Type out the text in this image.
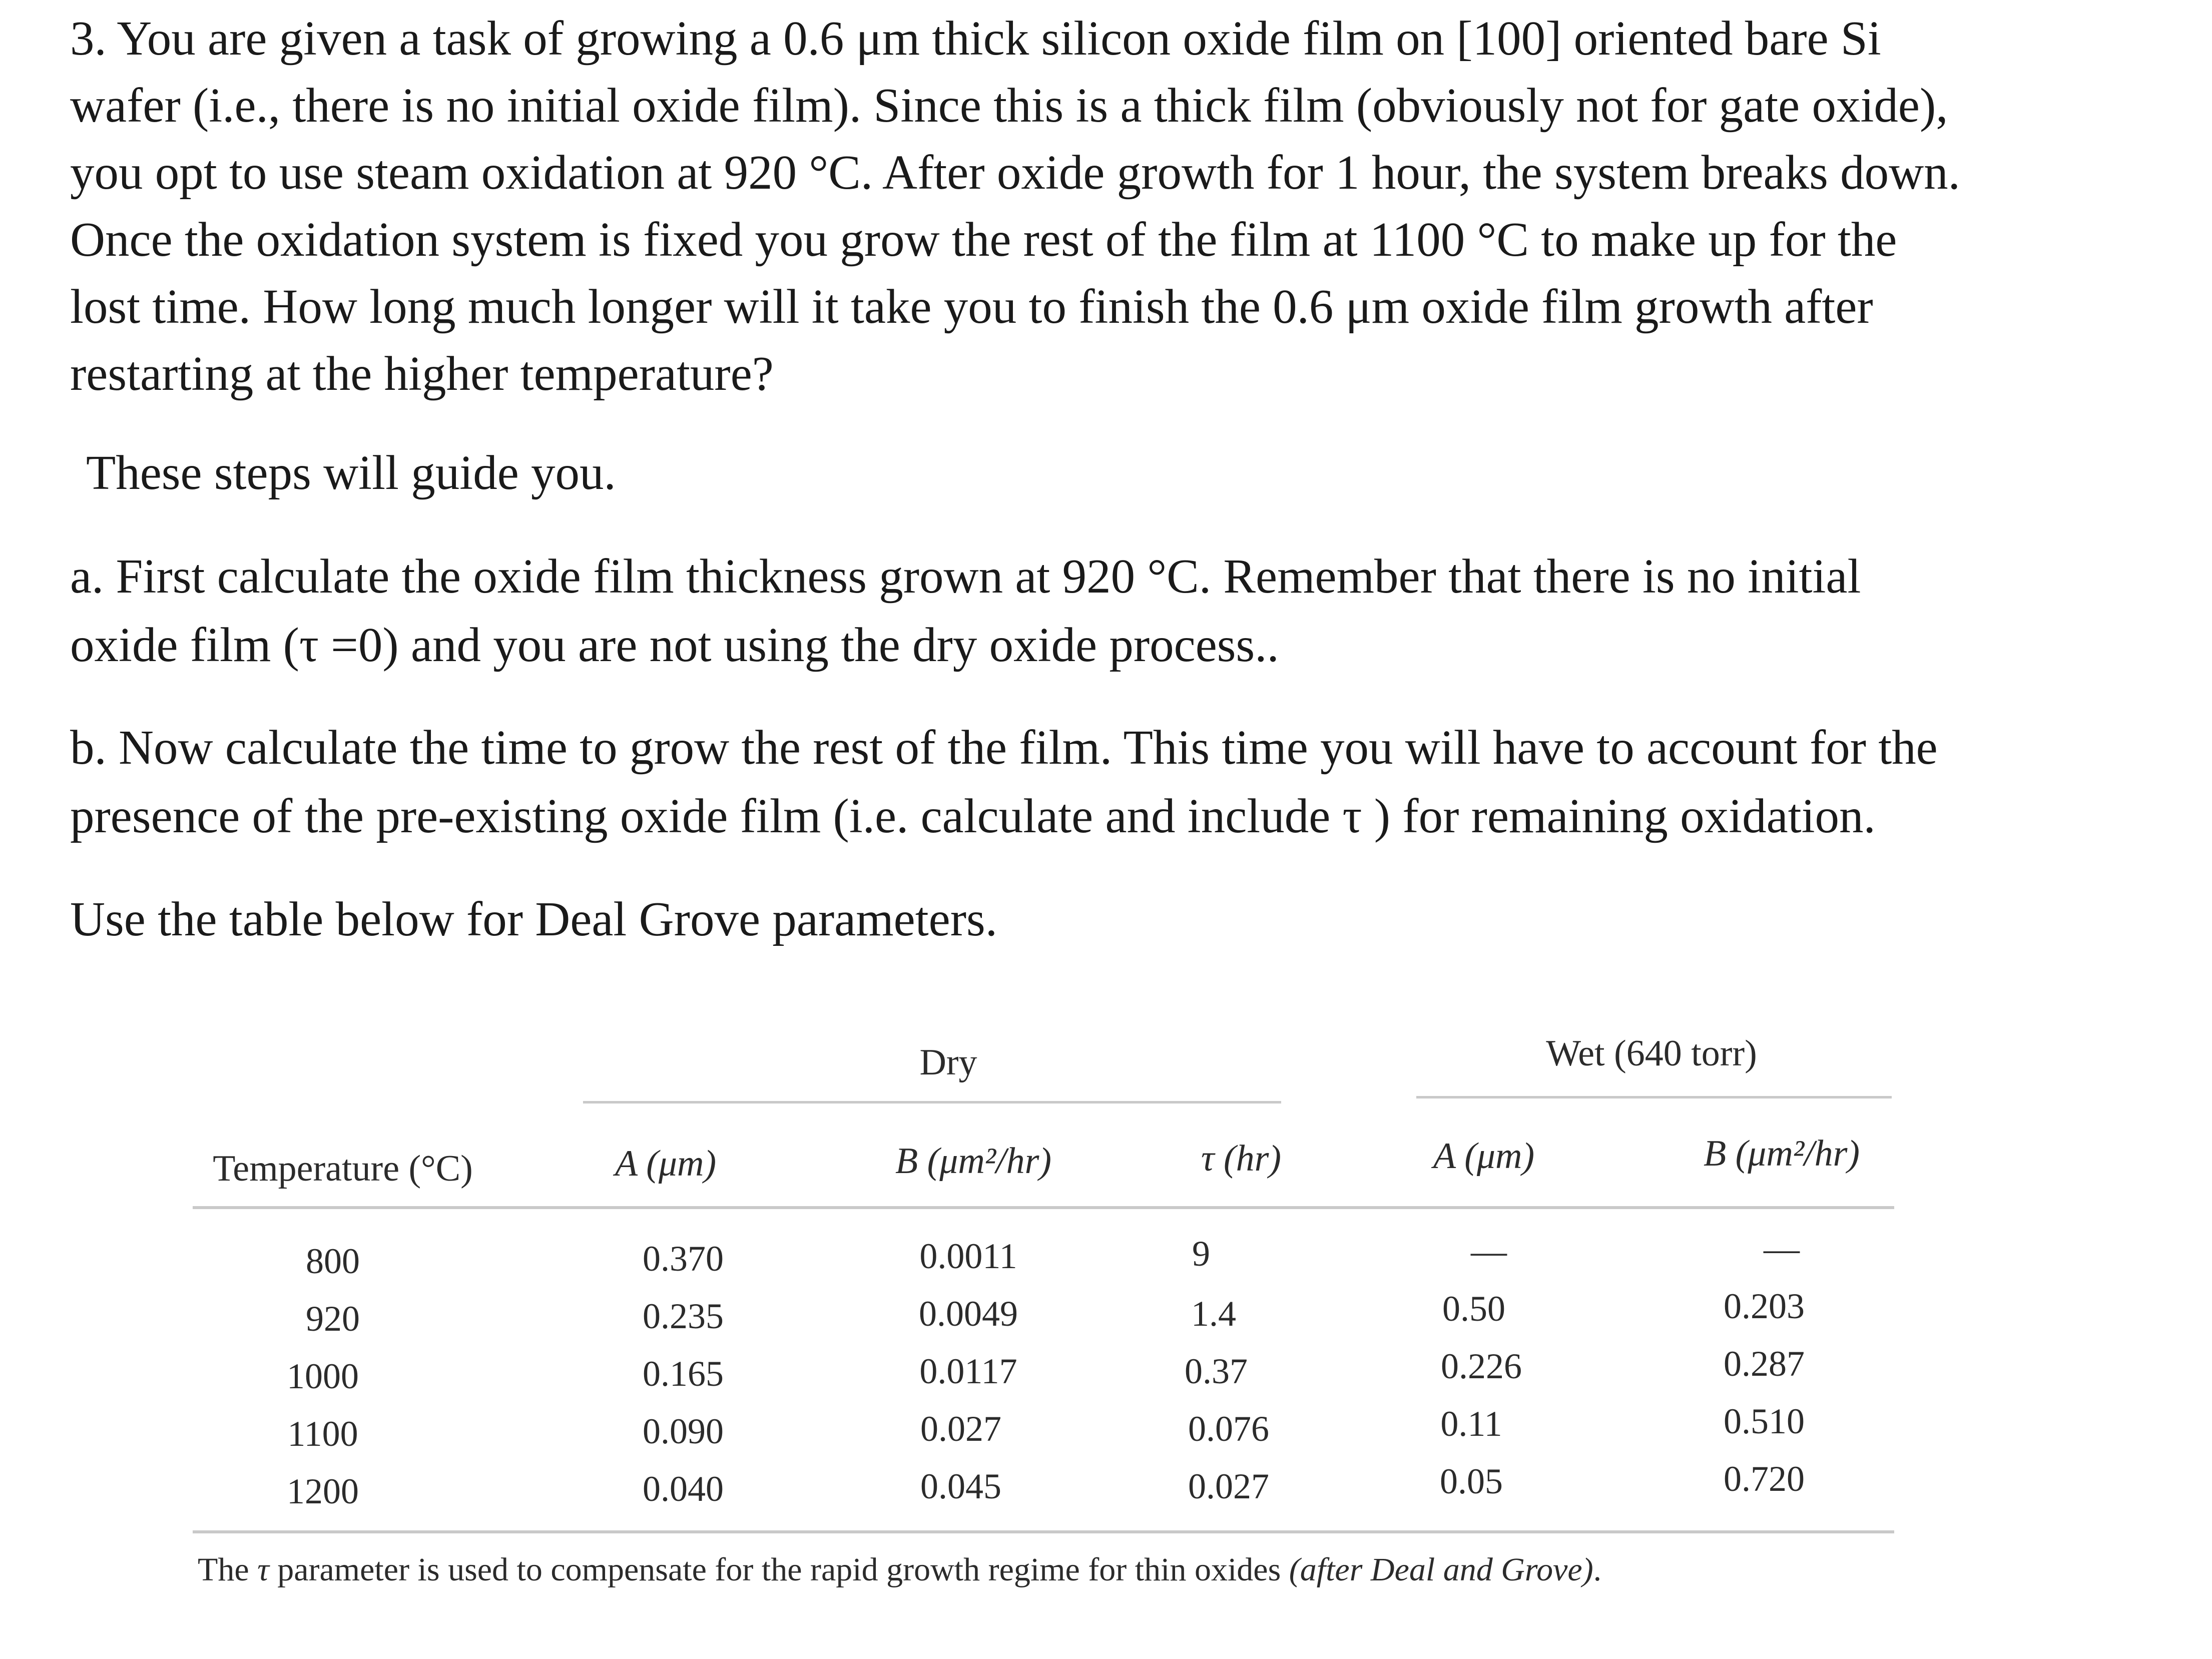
3. You are given a task of growing a 0.6 μm thick silicon oxide film on [100] oriented bare Si

wafer (i.e., there is no initial oxide film). Since this is a thick film (obviously not for gate oxide),

you opt to use steam oxidation at 920 °C. After oxide growth for 1 hour, the system breaks down.

Once the oxidation system is fixed you grow the rest of the film at 1100 °C to make up for the

lost time. How long much longer will it take you to finish the 0.6 μm oxide film growth after

restarting at the higher temperature?

These steps will guide you.

a. First calculate the oxide film thickness grown at 920 °C. Remember that there is no initial

oxide film (τ =0) and you are not using the dry oxide process..

b. Now calculate the time to grow the rest of the film. This time you will have to account for the

presence of the pre-existing oxide film (i.e. calculate and include τ ) for remaining oxidation.

Use the table below for Deal Grove parameters.

Dry	Wet (640 torr)
Temperature (°C)	A (μm)	B (μm²/hr)	τ (hr)	A (μm)	B (μm²/hr)
800	0.370	0.0011	9	—	—
920	0.235	0.0049	1.4	0.50	0.203
1000	0.165	0.0117	0.37	0.226	0.287
1100	0.090	0.027	0.076	0.11	0.510
1200	0.040	0.045	0.027	0.05	0.720
The τ parameter is used to compensate for the rapid growth regime for thin oxides (after Deal and Grove).
